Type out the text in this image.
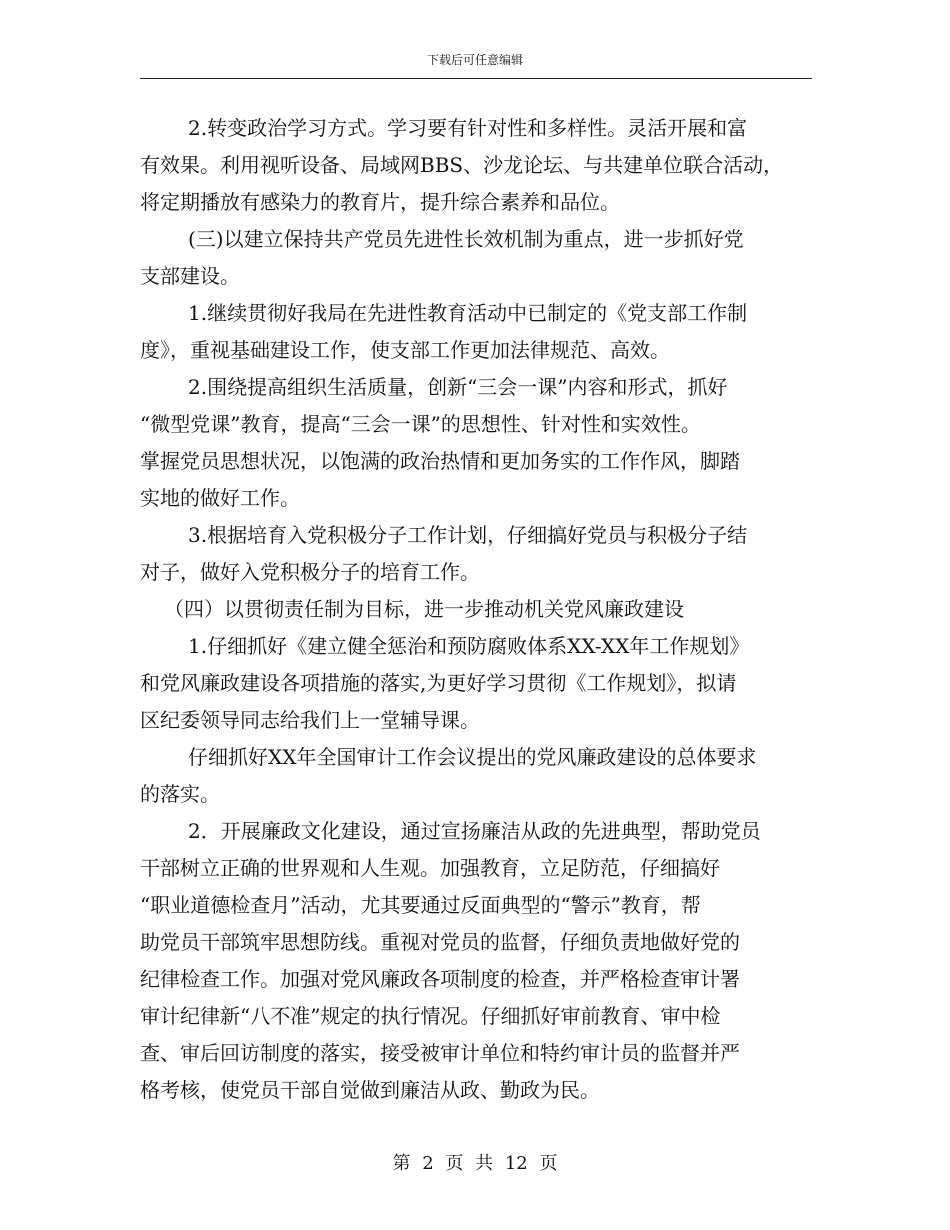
下载后可任意编辑
2.转变政治学习方式。学习要有针对性和多样性。灵活开展和富
有效果。利用视听设备、局域网BBS、沙龙论坛、与共建单位联合活动，
将定期播放有感染力的教育片，提升综合素养和品位。
(三)以建立保持共产党员先进性长效机制为重点，进一步抓好党
支部建设。
1.继续贯彻好我局在先进性教育活动中已制定的《党支部工作制
度》，重视基础建设工作，使支部工作更加法律规范、高效。
2.围绕提高组织生活质量，创新“三会一课”内容和形式，抓好
“微型党课”教育，提高“三会一课”的思想性、针对性和实效性。
掌握党员思想状况，以饱满的政治热情和更加务实的工作作风，脚踏
实地的做好工作。
3.根据培育入党积极分子工作计划，仔细搞好党员与积极分子结
对子，做好入党积极分子的培育工作。
（四）以贯彻责任制为目标，进一步推动机关党风廉政建设
1.仔细抓好《建立健全惩治和预防腐败体系XX-XX年工作规划》
和党风廉政建设各项措施的落实,为更好学习贯彻《工作规划》，拟请
区纪委领导同志给我们上一堂辅导课。
仔细抓好XX年全国审计工作会议提出的党风廉政建设的总体要求
的落实。
2．开展廉政文化建设，通过宣扬廉洁从政的先进典型，帮助党员
干部树立正确的世界观和人生观。加强教育，立足防范，仔细搞好
“职业道德检查月”活动，尤其要通过反面典型的“警示”教育，帮
助党员干部筑牢思想防线。重视对党员的监督，仔细负责地做好党的
纪律检查工作。加强对党风廉政各项制度的检查，并严格检查审计署
审计纪律新“八不准”规定的执行情况。仔细抓好审前教育、审中检
查、审后回访制度的落实，接受被审计单位和特约审计员的监督并严
格考核，使党员干部自觉做到廉洁从政、勤政为民。
第 2 页 共 12 页
